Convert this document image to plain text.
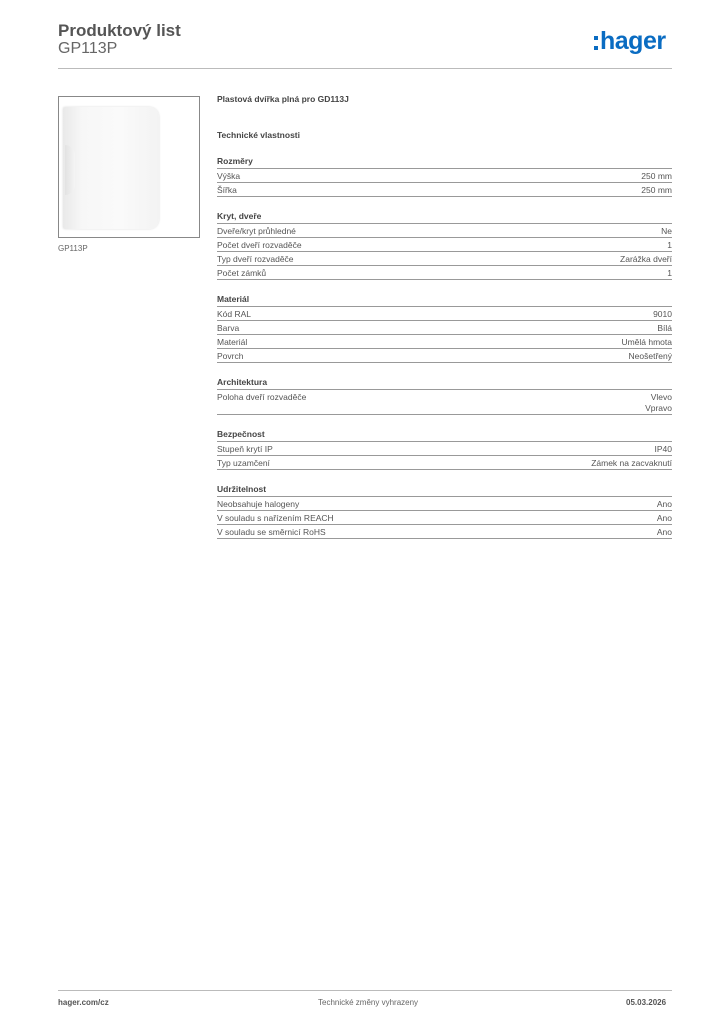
Produktový list
GP113P	hager
GP113P
Plastová dvířka plná pro GD113J
Technické vlastnosti
Rozměry
Výška	250 mm
Šířka	250 mm
Kryt, dveře
Dveře/kryt průhledné	Ne
Počet dveří rozvaděče	1
Typ dveří rozvaděče	Zarážka dveří
Počet zámků	1
Materiál
Kód RAL	9010
Barva	Bílá
Materiál	Umělá hmota
Povrch	Neošetřený
Architektura
Poloha dveří rozvaděče	Vlevo
Vpravo
Bezpečnost
Stupeň krytí IP	IP40
Typ uzamčení	Zámek na zacvaknutí
Udržitelnost
Neobsahuje halogeny	Ano
V souladu s nařízením REACH	Ano
V souladu se směrnicí RoHS	Ano
hager.com/cz	Technické změny vyhrazeny	05.03.2026
